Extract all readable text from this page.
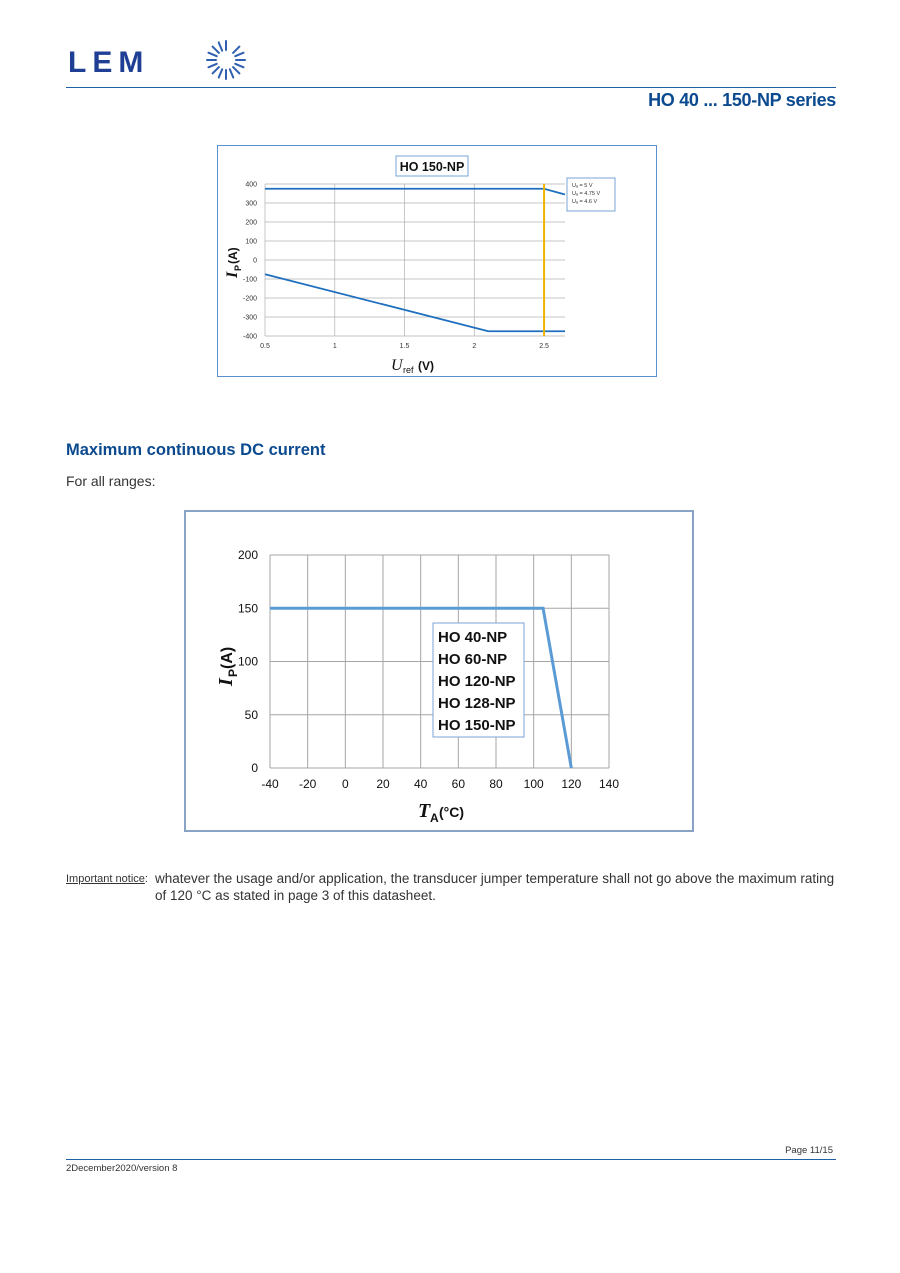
LEM
HO 40 ... 150-NP series
-400
-300
-200
-100
0
100
200
300
400
0.5	1	1.5	2	2.5
HO 150-NP
Uₐ = 5 V
Uₐ = 4.75 V
Uₐ = 4.6 V
U ref (V)
I
P
(A)
Maximum continuous DC current
For all ranges:
0
50
100
150
200
-40 -20 0 20 40 60 80 100 120 140
HO 40-NP
HO 60-NP
HO 120-NP
HO 128-NP
HO 150-NP
T A (°C)
I
P
(A)
Important notice: whatever the usage and/or application, the transducer jumper temperature shall not go above the maximum rating of 120 °C as stated in page 3 of this datasheet.
Page 11/15
2December2020/version 8
